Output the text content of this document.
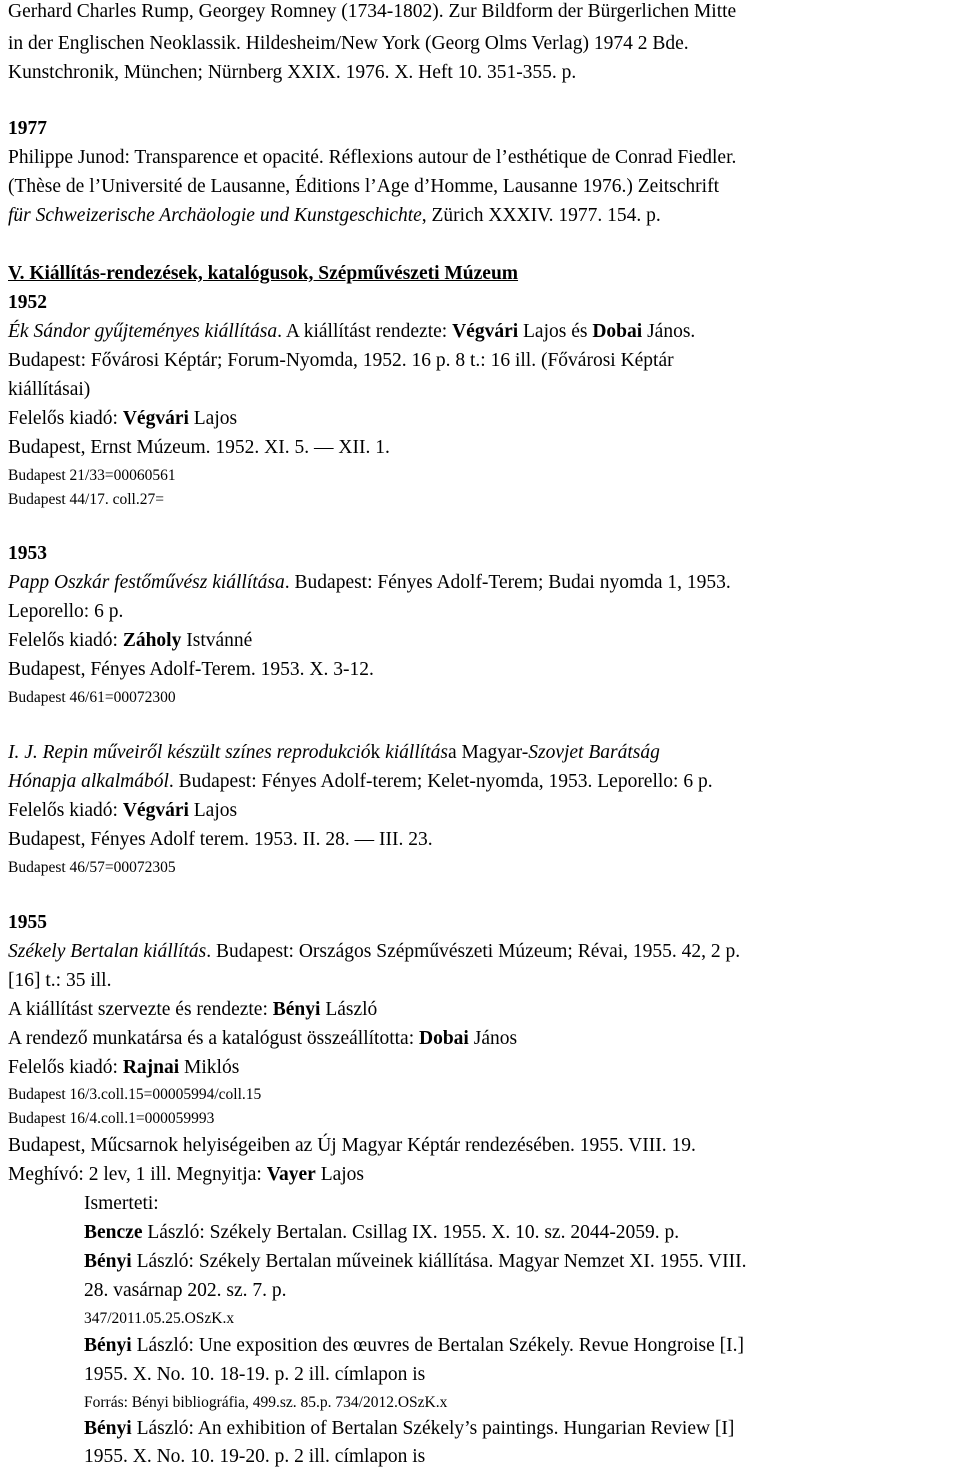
Gerhard Charles Rump, Georgey Romney (1734-1802). Zur Bildform der Bürgerlichen Mitte
in der Englischen Neoklassik. Hildesheim/New York (Georg Olms Verlag) 1974 2 Bde.
Kunstchronik, München; Nürnberg XXIX. 1976. X. Heft 10. 351-355. p.
1977
Philippe Junod: Transparence et opacité. Réflexions autour de l’esthétique de Conrad Fiedler.
(Thèse de l’Université de Lausanne, Éditions l’Age d’Homme, Lausanne 1976.) Zeitschrift
für Schweizerische Archäologie und Kunstgeschichte, Zürich XXXIV. 1977. 154. p.
V. Kiállítás-rendezések, katalógusok, Szépművészeti Múzeum
1952
Ék Sándor gyűjteményes kiállítása. A kiállítást rendezte: Végvári Lajos és Dobai János.
Budapest: Fővárosi Képtár; Forum-Nyomda, 1952. 16 p. 8 t.: 16 ill. (Fővárosi Képtár
kiállításai)
Felelős kiadó: Végvári Lajos
Budapest, Ernst Múzeum. 1952. XI. 5. — XII. 1.
Budapest 21/33=00060561
Budapest 44/17. coll.27=
1953
Papp Oszkár festőművész kiállítása. Budapest: Fényes Adolf-Terem; Budai nyomda 1, 1953.
Leporello: 6 p.
Felelős kiadó: Záholy Istvánné
Budapest, Fényes Adolf-Terem. 1953. X. 3-12.
Budapest 46/61=00072300
I. J. Repin műveiről készült színes reprodukciók kiállítása Magyar-Szovjet Barátság
Hónapja alkalmából. Budapest: Fényes Adolf-terem; Kelet-nyomda, 1953. Leporello: 6 p.
Felelős kiadó: Végvári Lajos
Budapest, Fényes Adolf terem. 1953. II. 28. — III. 23.
Budapest 46/57=00072305
1955
Székely Bertalan kiállítás. Budapest: Országos Szépművészeti Múzeum; Révai, 1955. 42, 2 p.
[16] t.: 35 ill.
A kiállítást szervezte és rendezte: Bényi László
A rendező munkatársa és a katalógust összeállította: Dobai János
Felelős kiadó: Rajnai Miklós
Budapest 16/3.coll.15=00005994/coll.15
Budapest 16/4.coll.1=000059993
Budapest, Műcsarnok helyiségeiben az Új Magyar Képtár rendezésében. 1955. VIII. 19.
Meghívó: 2 lev, 1 ill. Megnyitja: Vayer Lajos
Ismerteti:
Bencze László: Székely Bertalan. Csillag IX. 1955. X. 10. sz. 2044-2059. p.
Bényi László: Székely Bertalan műveinek kiállítása. Magyar Nemzet XI. 1955. VIII.
28. vasárnap 202. sz. 7. p.
347/2011.05.25.OSzK.x
Bényi László: Une exposition des œuvres de Bertalan Székely. Revue Hongroise [I.]
1955. X. No. 10. 18-19. p. 2 ill. címlapon is
Forrás: Bényi bibliográfia, 499.sz. 85.p. 734/2012.OSzK.x
Bényi László: An exhibition of Bertalan Székely’s paintings. Hungarian Review [I]
1955. X. No. 10. 19-20. p. 2 ill. címlapon is
